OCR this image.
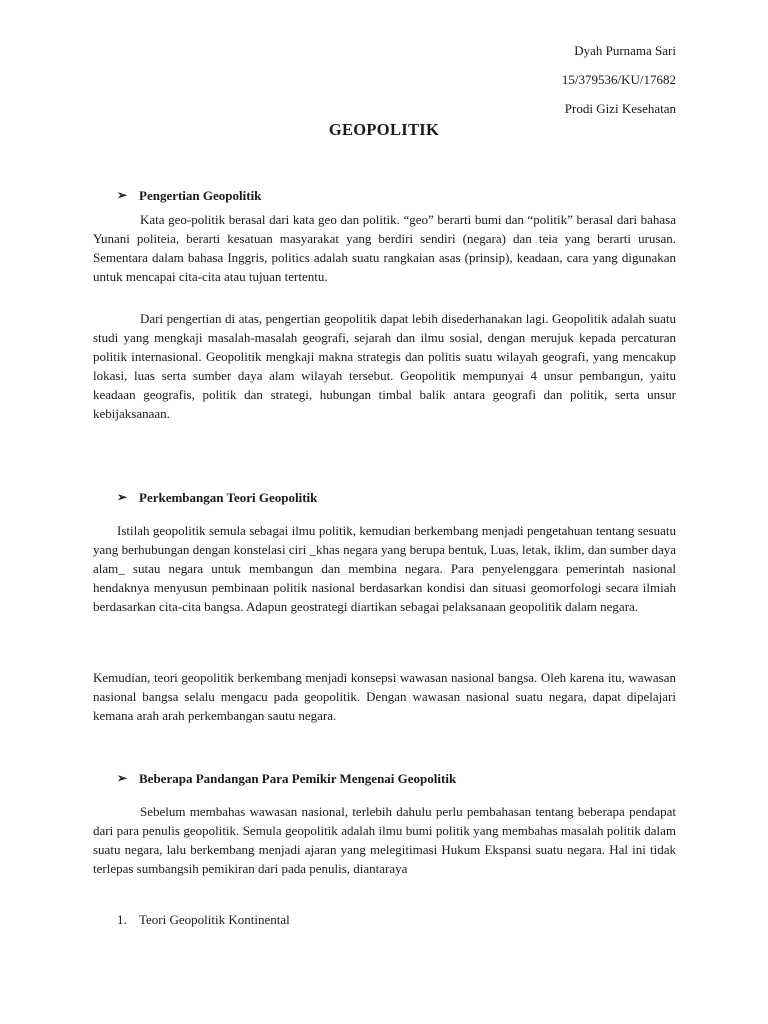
Dyah Purnama Sari
15/379536/KU/17682
Prodi Gizi Kesehatan
GEOPOLITIK
➢ Pengertian Geopolitik

Kata geo-politik berasal dari kata geo dan politik. “geo” berarti bumi dan “politik” berasal dari bahasa Yunani politeia, berarti kesatuan masyarakat yang berdiri sendiri (negara) dan teia yang berarti urusan. Sementara dalam bahasa Inggris, politics adalah suatu rangkaian asas (prinsip), keadaan, cara yang digunakan untuk mencapai cita-cita atau tujuan tertentu.

Dari pengertian di atas, pengertian geopolitik dapat lebih disederhanakan lagi. Geopolitik adalah suatu studi yang mengkaji masalah-masalah geografi, sejarah dan ilmu sosial, dengan merujuk kepada percaturan politik internasional. Geopolitik mengkaji makna strategis dan politis suatu wilayah geografi, yang mencakup lokasi, luas serta sumber daya alam wilayah tersebut. Geopolitik mempunyai 4 unsur pembangun, yaitu keadaan geografis, politik dan strategi, hubungan timbal balik antara geografi dan politik, serta unsur kebijaksanaan.

➢ Perkembangan Teori Geopolitik

Istilah geopolitik semula sebagai ilmu politik, kemudian berkembang menjadi pengetahuan tentang sesuatu yang berhubungan dengan konstelasi ciri _khas negara yang berupa bentuk, Luas, letak, iklim, dan sumber daya alam_ sutau negara untuk membangun dan membina negara. Para penyelenggara pemerintah nasional hendaknya menyusun pembinaan politik nasional berdasarkan kondisi dan situasi geomorfologi secara ilmiah berdasarkan cita-cita bangsa. Adapun geostrategi diartikan sebagai pelaksanaan geopolitik dalam negara.

Kemudian, teori geopolitik berkembang menjadi konsepsi wawasan nasional bangsa. Oleh karena itu, wawasan nasional bangsa selalu mengacu pada geopolitik. Dengan wawasan nasional suatu negara, dapat dipelajari kemana arah arah perkembangan sautu negara.

➢ Beberapa Pandangan Para Pemikir Mengenai Geopolitik

Sebelum membahas wawasan nasional, terlebih dahulu perlu pembahasan tentang beberapa pendapat dari para penulis geopolitik. Semula geopolitik adalah ilmu bumi politik yang membahas masalah politik dalam suatu negara, lalu berkembang menjadi ajaran yang melegitimasi Hukum Ekspansi suatu negara. Hal ini tidak terlepas sumbangsih pemikiran dari pada penulis, diantaraya

1. Teori Geopolitik Kontinental
